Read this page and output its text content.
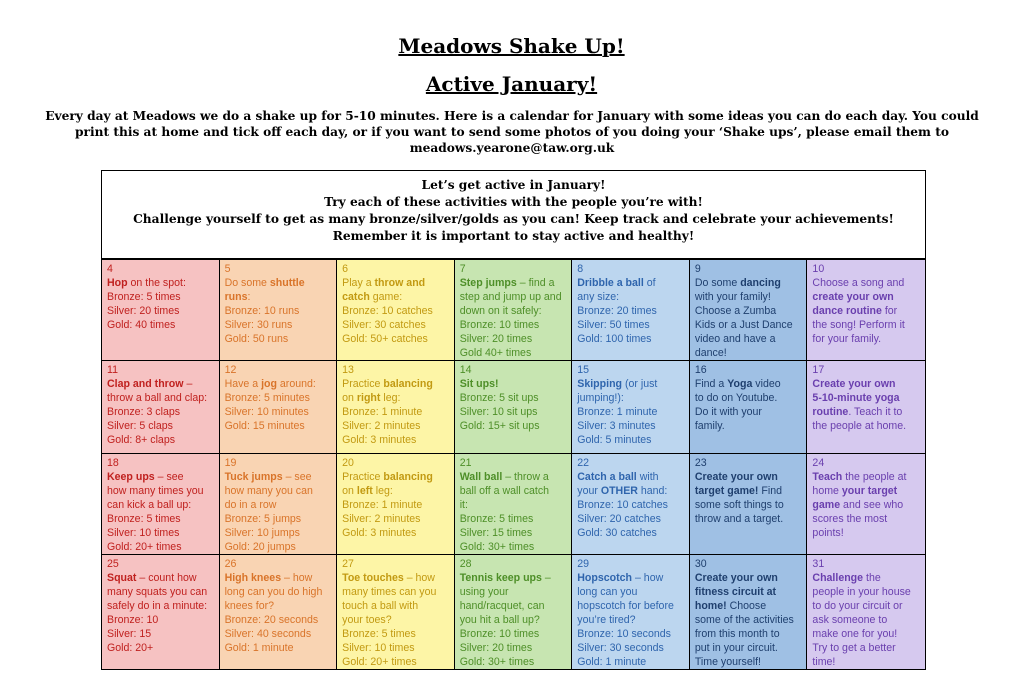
Meadows Shake Up!
Active January!
Every day at Meadows we do a shake up for 5-10 minutes. Here is a calendar for January with some ideas you can do each day. You could
print this at home and tick off each day, or if you want to send some photos of you doing your ‘Shake ups’, please email them to
meadows.yearone@taw.org.uk
Let’s get active in January!
Try each of these activities with the people you’re with!
Challenge yourself to get as many bronze/silver/golds as you can! Keep track and celebrate your achievements!
Remember it is important to stay active and healthy!
4
Hop on the spot:
Bronze: 5 times
Silver: 20 times
Gold: 40 times
5
Do some shuttle
runs:
Bronze: 10 runs
Silver: 30 runs
Gold: 50 runs
6
Play a throw and
catch game:
Bronze: 10 catches
Silver: 30 catches
Gold: 50+ catches
7
Step jumps – find a
step and jump up and
down on it safely:
Bronze: 10 times
Silver: 20 times
Gold 40+ times
8
Dribble a ball of
any size:
Bronze: 20 times
Silver: 50 times
Gold: 100 times
9
Do some dancing
with your family!
Choose a Zumba
Kids or a Just Dance
video and have a
dance!
10
Choose a song and
create your own
dance routine for
the song! Perform it
for your family.
11
Clap and throw –
throw a ball and clap:
Bronze: 3 claps
Silver: 5 claps
Gold: 8+ claps
12
Have a jog around:
Bronze: 5 minutes
Silver: 10 minutes
Gold: 15 minutes
13
Practice balancing
on right leg:
Bronze: 1 minute
Silver: 2 minutes
Gold: 3 minutes
14
Sit ups!
Bronze: 5 sit ups
Silver: 10 sit ups
Gold: 15+ sit ups
15
Skipping (or just
jumping!):
Bronze: 1 minute
Silver: 3 minutes
Gold: 5 minutes
16
Find a Yoga video
to do on Youtube.
Do it with your
family.
17
Create your own
5-10-minute yoga
routine. Teach it to
the people at home.
18
Keep ups – see
how many times you
can kick a ball up:
Bronze: 5 times
Silver: 10 times
Gold: 20+ times
19
Tuck jumps – see
how many you can
do in a row
Bronze: 5 jumps
Silver: 10 jumps
Gold: 20 jumps
20
Practice balancing
on left leg:
Bronze: 1 minute
Silver: 2 minutes
Gold: 3 minutes
21
Wall ball – throw a
ball off a wall catch
it:
Bronze: 5 times
Silver: 15 times
Gold: 30+ times
22
Catch a ball with
your OTHER hand:
Bronze: 10 catches
Silver: 20 catches
Gold: 30 catches
23
Create your own
target game! Find
some soft things to
throw and a target.
24
Teach the people at
home your target
game and see who
scores the most
points!
25
Squat – count how
many squats you can
safely do in a minute:
Bronze: 10
Silver: 15
Gold: 20+
26
High knees – how
long can you do high
knees for?
Bronze: 20 seconds
Silver: 40 seconds
Gold: 1 minute
27
Toe touches – how
many times can you
touch a ball with
your toes?
Bronze: 5 times
Silver: 10 times
Gold: 20+ times
28
Tennis keep ups –
using your
hand/racquet, can
you hit a ball up?
Bronze: 10 times
Silver: 20 times
Gold: 30+ times
29
Hopscotch – how
long can you
hopscotch for before
you’re tired?
Bronze: 10 seconds
Silver: 30 seconds
Gold: 1 minute
30
Create your own
fitness circuit at
home! Choose
some of the activities
from this month to
put in your circuit.
Time yourself!
31
Challenge the
people in your house
to do your circuit or
ask someone to
make one for you!
Try to get a better
time!
